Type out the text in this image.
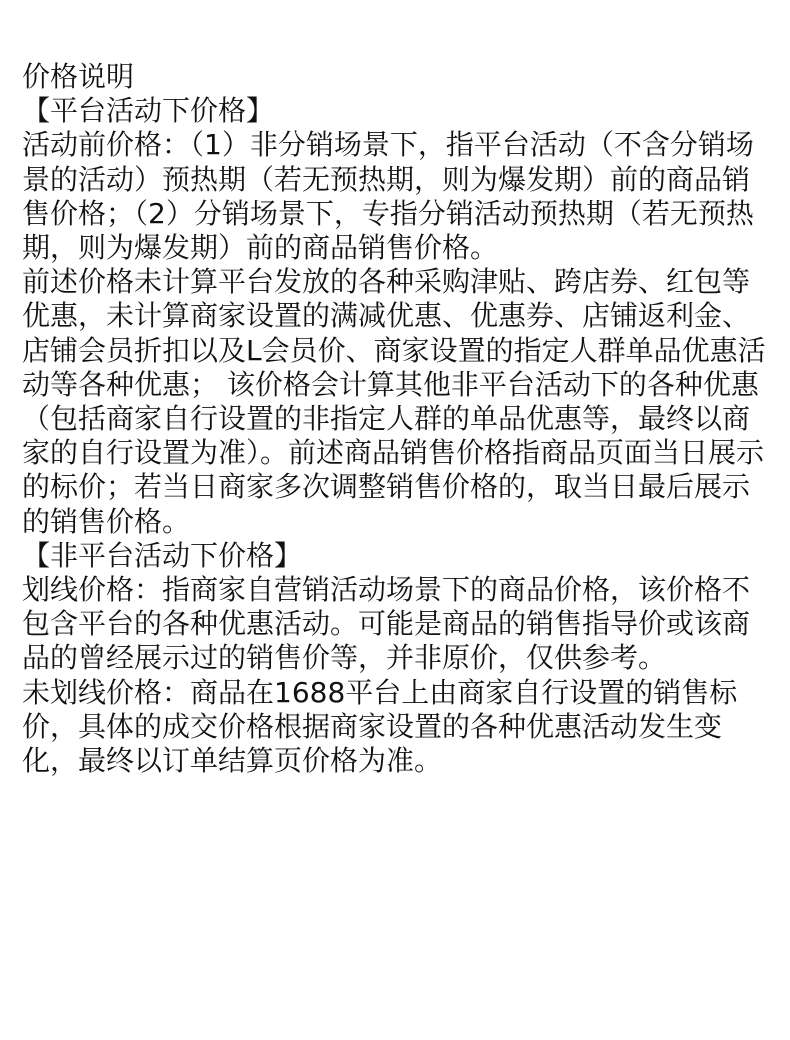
价格说明

【平台活动下价格】

活动前价格：（1）非分销场景下，指平台活动（不含分销场景的活动）预热期（若无预热期，则为爆发期）前的商品销售价格；（2）分销场景下，专指分销活动预热期（若无预热期，则为爆发期）前的商品销售价格。

前述价格未计算平台发放的各种采购津贴、跨店券、红包等优惠，未计算商家设置的满减优惠、优惠券、店铺返利金、店铺会员折扣以及L会员价、商家设置的指定人群单品优惠活动等各种优惠； 该价格会计算其他非平台活动下的各种优惠（包括商家自行设置的非指定人群的单品优惠等，最终以商家的自行设置为准）。前述商品销售价格指商品页面当日展示的标价；若当日商家多次调整销售价格的，取当日最后展示的销售价格。

【非平台活动下价格】

划线价格：指商家自营销活动场景下的商品价格，该价格不包含平台的各种优惠活动。可能是商品的销售指导价或该商品的曾经展示过的销售价等，并非原价，仅供参考。

未划线价格：商品在1688平台上由商家自行设置的销售标价，具体的成交价格根据商家设置的各种优惠活动发生变化，最终以订单结算页价格为准。
